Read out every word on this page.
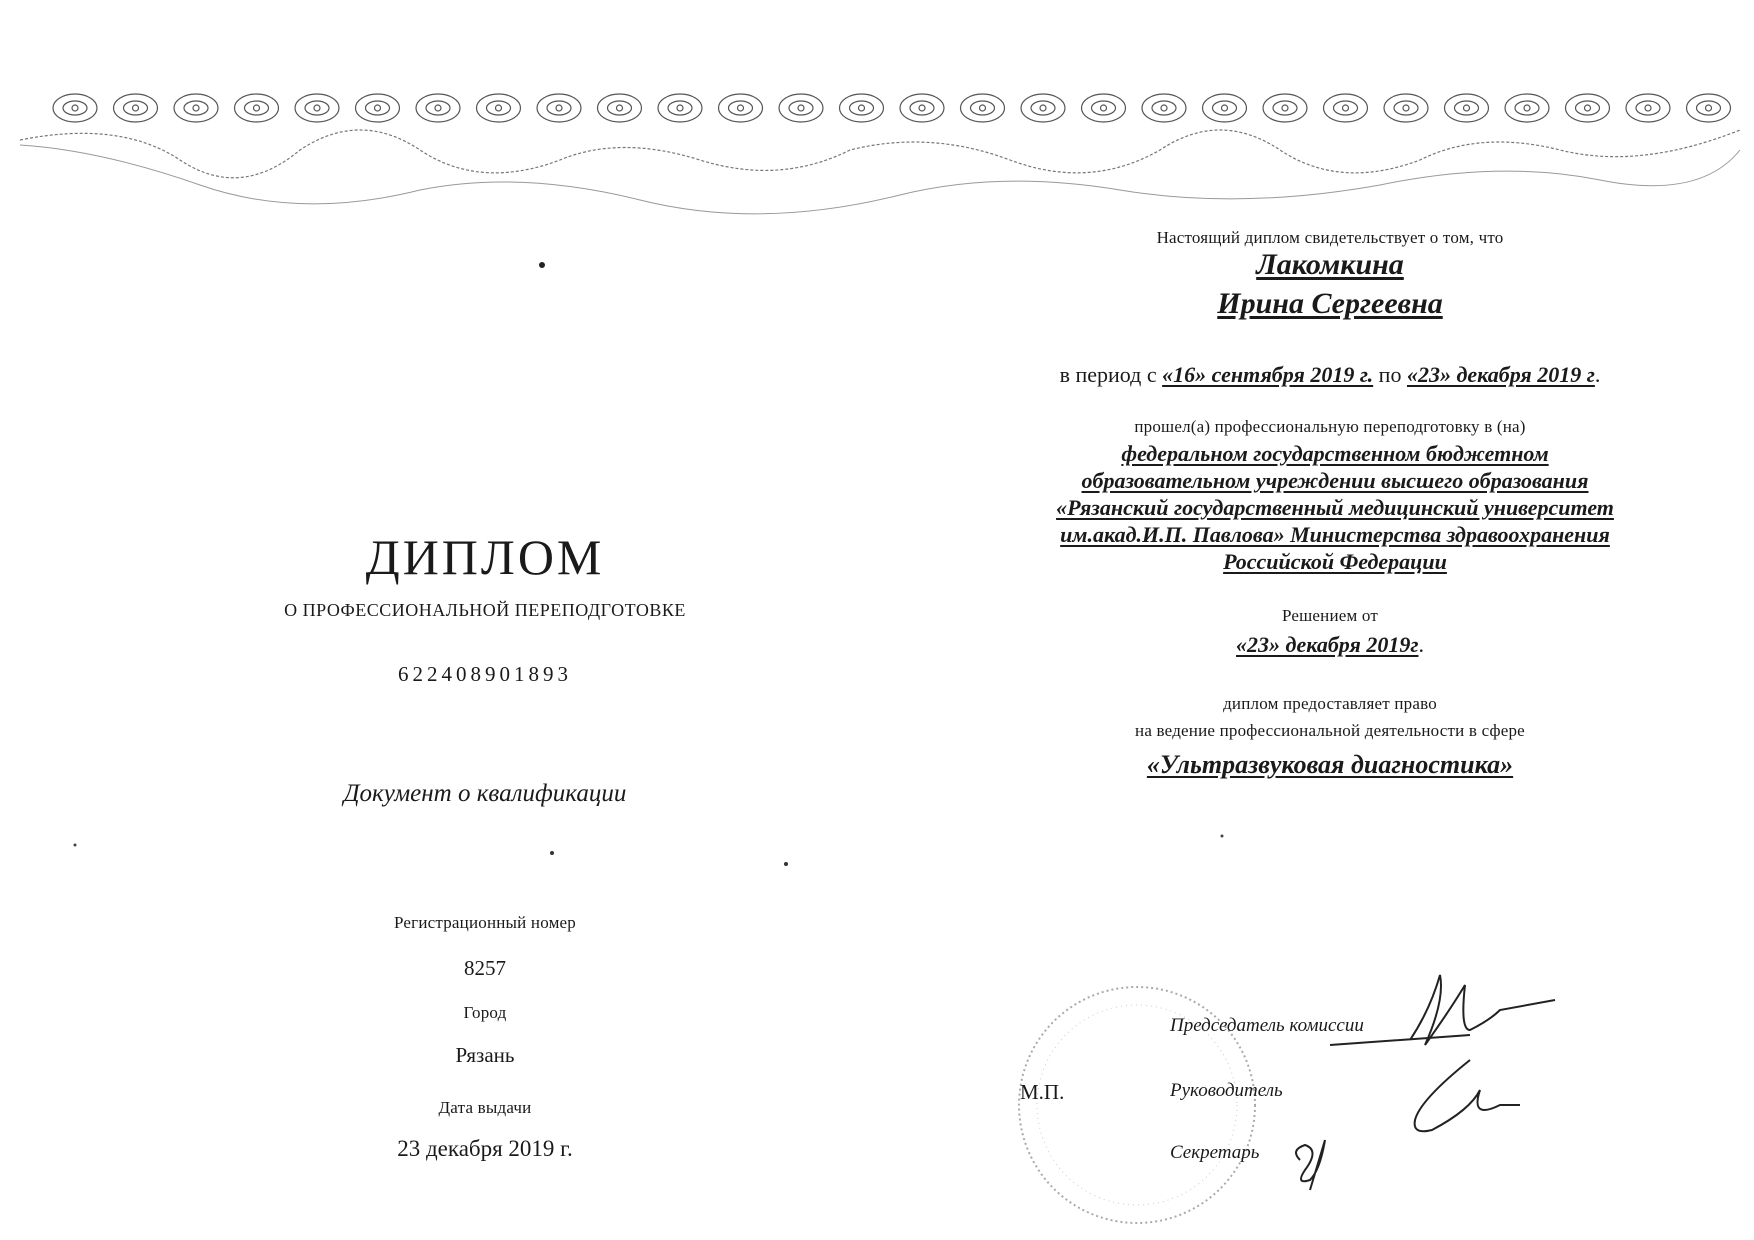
ДИПЛОМ
О ПРОФЕССИОНАЛЬНОЙ ПЕРЕПОДГОТОВКЕ
622408901893
Документ о квалификации
Регистрационный номер
8257
Город
Рязань
Дата выдачи
23 декабря 2019 г.
Настоящий диплом свидетельствует о том, что
Лакомкина
Ирина Сергеевна
в период с «16» сентября 2019 г. по «23» декабря 2019 г.
прошел(а) профессиональную переподготовку в (на)
федеральном государственном бюджетном
образовательном учреждении высшего образования
«Рязанский государственный медицинский университет
им.акад.И.П. Павлова» Министерства здравоохранения
Российской Федерации
Решением от
«23» декабря 2019г.
диплом предоставляет право
на ведение профессиональной деятельности в сфере
«Ультразвуковая диагностика»
М.П.
Председатель комиссии
Руководитель
Секретарь
